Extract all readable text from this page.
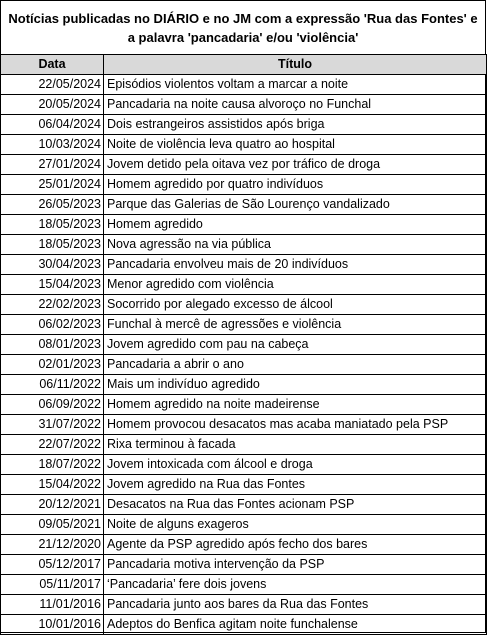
Notícias publicadas no DIÁRIO e no JM com a expressão 'Rua das Fontes' e a palavra 'pancadaria' e/ou 'violência'
Data	Título
22/05/2024	Episódios violentos voltam a marcar a noite
20/05/2024	Pancadaria na noite causa alvoroço no Funchal
06/04/2024	Dois estrangeiros assistidos após briga
10/03/2024	Noite de violência leva quatro ao hospital
27/01/2024	Jovem detido pela oitava vez por tráfico de droga
25/01/2024	Homem agredido por quatro indivíduos
26/05/2023	Parque das Galerias de São Lourenço vandalizado
18/05/2023	Homem agredido
18/05/2023	Nova agressão na via pública
30/04/2023	Pancadaria envolveu mais de 20 indivíduos
15/04/2023	Menor agredido com violência
22/02/2023	Socorrido por alegado excesso de álcool
06/02/2023	Funchal à mercê de agressões e violência
08/01/2023	Jovem agredido com pau na cabeça
02/01/2023	Pancadaria a abrir o ano
06/11/2022	Mais um indivíduo agredido
06/09/2022	Homem agredido na noite madeirense
31/07/2022	Homem provocou desacatos mas acaba maniatado pela PSP
22/07/2022	Rixa terminou à facada
18/07/2022	Jovem intoxicada com álcool e droga
15/04/2022	Jovem agredido na Rua das Fontes
20/12/2021	Desacatos na Rua das Fontes acionam PSP
09/05/2021	Noite de alguns exageros
21/12/2020	Agente da PSP agredido após fecho dos bares
05/12/2017	Pancadaria motiva intervenção da PSP
05/11/2017	‘Pancadaria’ fere dois jovens
11/01/2016	Pancadaria junto aos bares da Rua das Fontes
10/01/2016	Adeptos do Benfica agitam noite funchalense
